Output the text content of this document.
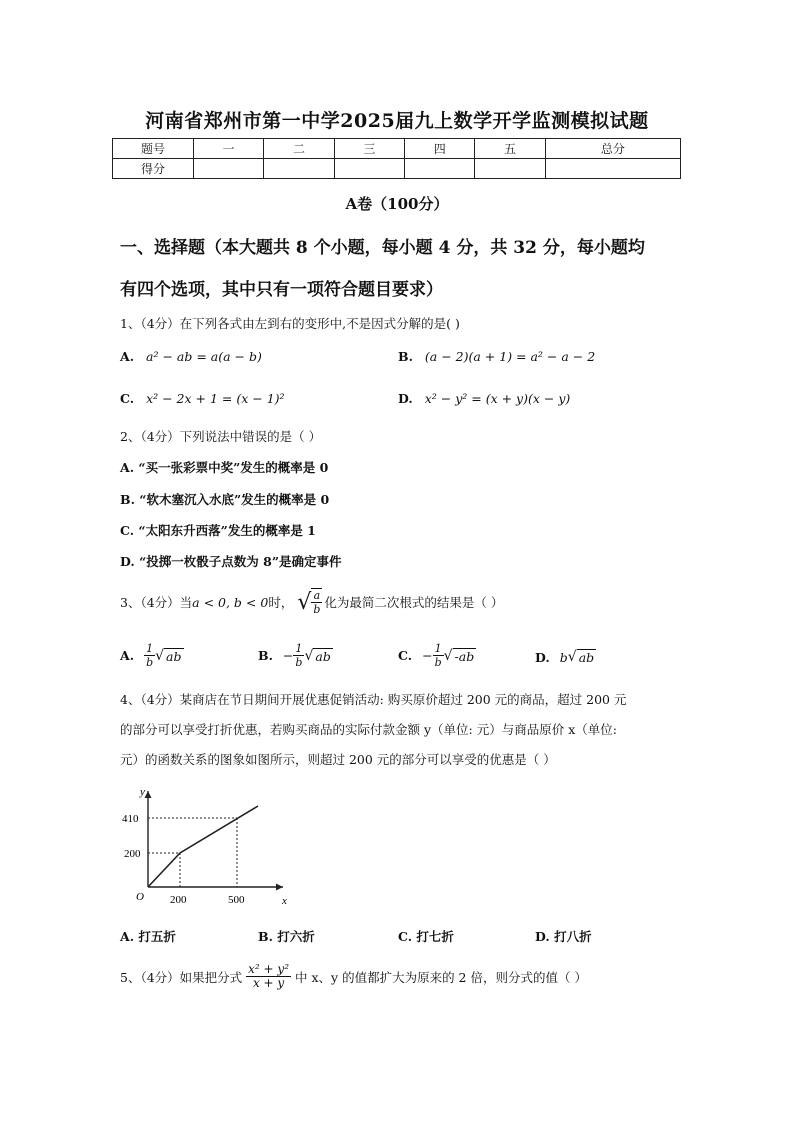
河南省郑州市第一中学2025届九上数学开学监测模拟试题
题号	一	二	三	四	五	总分
得分						
A卷（100分）
一、选择题（本大题共 8 个小题，每小题 4 分，共 32 分，每小题均
有四个选项，其中只有一项符合题目要求）
1、（4分）在下列各式由左到右的变形中,不是因式分解的是( )
A. a² − ab = a(a − b)	B. (a − 2)(a + 1) = a² − a − 2
C. x² − 2x + 1 = (x − 1)²	D. x² − y² = (x + y)(x − y)
2、（4分）下列说法中错误的是（ ）
A. “买一张彩票中奖”发生的概率是 0
B. “软木塞沉入水底”发生的概率是 0
C. “太阳东升西落”发生的概率是 1
D. “投掷一枚骰子点数为 8”是确定事件
3、（4分）当 a < 0, b < 0 时， √ $\frac{a}{b}$ 化为最简二次根式的结果是（ ）
A. $\frac{1}{b}$ √ ab	B. − $\frac{1}{b}$ √ ab	C. − $\frac{1}{b}$ √ -ab	D. b √ ab
4、（4分）某商店在节日期间开展优惠促销活动: 购买原价超过 200 元的商品，超过 200 元
的部分可以享受打折优惠，若购买商品的实际付款金额 y（单位: 元）与商品原价 x（单位:
元）的函数关系的图象如图所示，则超过 200 元的部分可以享受的优惠是（ ）
y
x
O
410
200
200	500
A. 打五折	B. 打六折	C. 打七折	D. 打八折
5、（4分）如果把分式 $\frac{\text{x² + y²}}{x + y}$ 中 x、y 的值都扩大为原来的 2 倍，则分式的值（ ）
